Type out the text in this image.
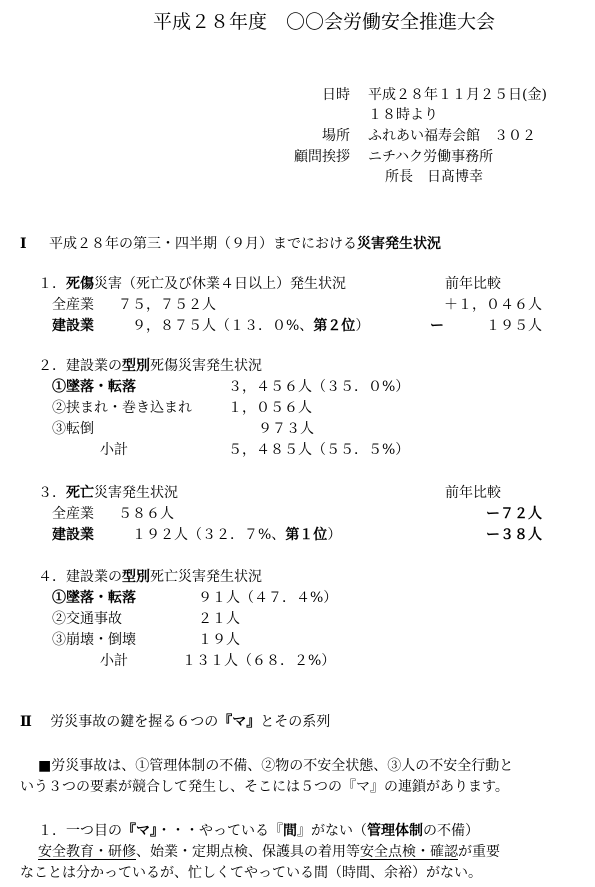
平成２８年度　〇〇会労働安全推進大会
日時 平成２８年１１月２５日(金)
１８時より
場所 ふれあい福寿会館　３０２
顧問挨拶 ニチハク労働事務所
所長　日髙博幸
Ⅰ 平成２８年の第三・四半期（９月）までにおける災害発生状況
１．死傷災害（死亡及び休業４日以上）発生状況	前年比較
全産業 ７５，７５２人	＋１，０４６人
建設業	９，８７５人（１３．０%、第２位）	ー	１９５人
２．建設業の型別死傷災害発生状況
①墜落・転落	３，４５６人（３５．０%）
②挟まれ・巻き込まれ	１，０５６人
③転倒	９７３人
小計	５，４８５人（５５．５%）
３．死亡災害発生状況	前年比較
全産業 ５８６人	ー７２人
建設業	１９２人（３２．７%、第１位）	ー３８人
４．建設業の型別死亡災害発生状況
①墜落・転落	９１人（４７．４%）
②交通事故	２１人
③崩壊・倒壊	１９人
小計	１３１人（６８．２%）
Ⅱ 労災事故の鍵を握る６つの『マ』とその系列
■労災事故は、①管理体制の不備、②物の不安全状態、③人の不安全行動と
いう３つの要素が競合して発生し、そこには５つの『マ』の連鎖があります。
１．一つ目の『マ』・・・やっている『間』がない（管理体制の不備）
安全教育・研修、始業・定期点検、保護具の着用等安全点検・確認が重要
なことは分かっているが、忙しくてやっている間（時間、余裕）がない。
